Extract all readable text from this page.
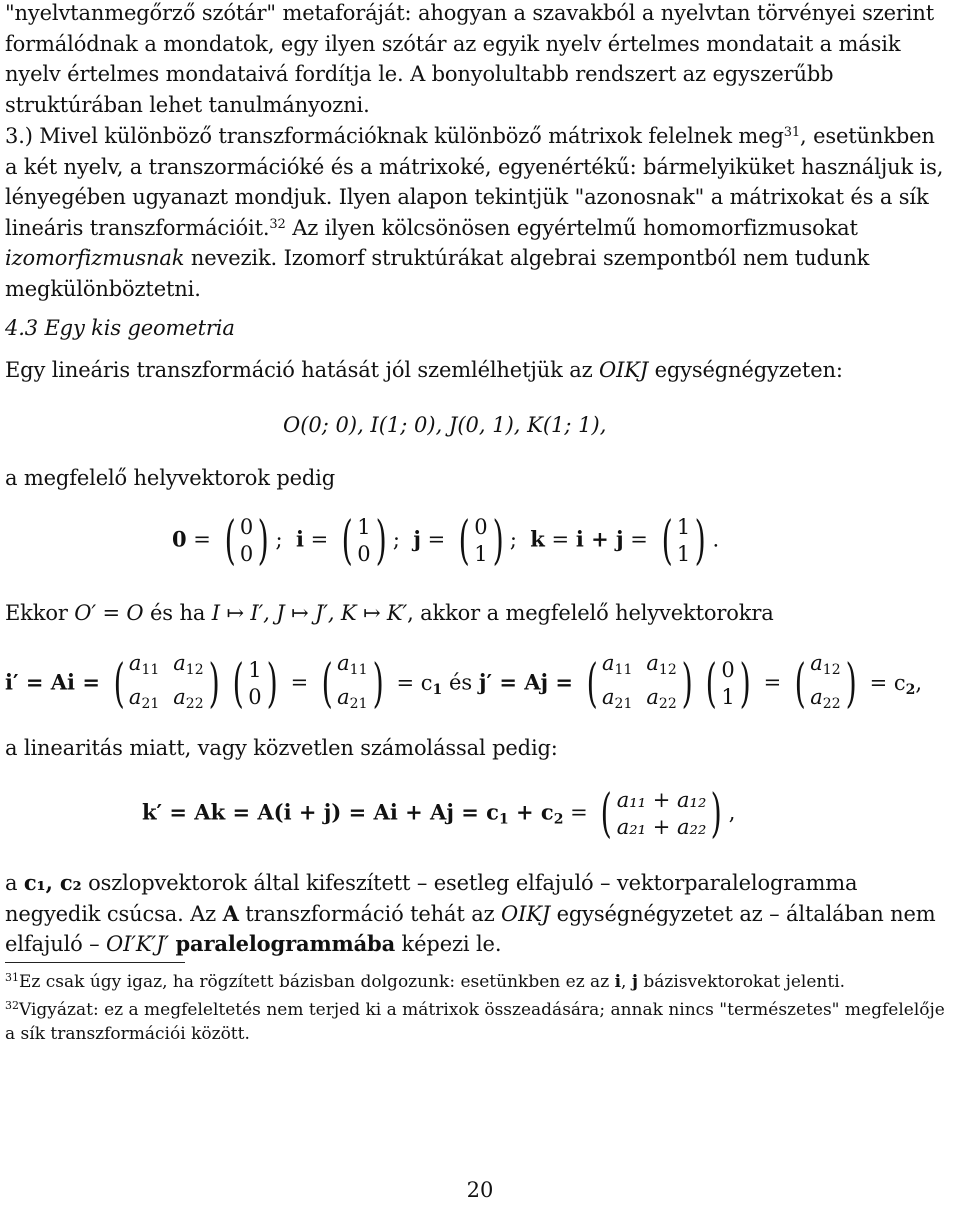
"nyelvtanmegőrző szótár" metaforáját: ahogyan a szavakból a nyelvtan törvényei szerint formálódnak a mondatok, egy ilyen szótár az egyik nyelv értelmes mondatait a másik nyelv értelmes mondataivá fordítja le. A bonyolultabb rendszert az egyszerűbb struktúrában lehet tanulmányozni.

3.) Mivel különböző transzformációknak különböző mátrixok felelnek meg$^{31}$, esetünkben a két nyelv, a transzormációké és a mátrixoké, egyenértékű: bármelyiküket használjuk is, lényegében ugyanazt mondjuk. Ilyen alapon tekintjük "azonosnak" a mátrixokat és a sík lineáris transzformációit.$^{32}$ Az ilyen kölcsönösen egyértelmű homomorfizmusokat izomorfizmusnak nevezik. Izomorf struktúrákat algebrai szempontból nem tudunk megkülönböztetni.

4.3 Egy kis geometria

Egy lineáris transzformáció hatását jól szemlélhetjük az OIKJ egységnégyzeten:

O(0; 0), I(1; 0), J(0, 1), K(1; 1),

a megfelelő helyvektorok pedig

0 = ( 0
0 ) ;  i = ( 1
0 ) ;  j = ( 0
1 ) ;  k = i + j = ( 1
1 ) .

Ekkor O′ = O és ha I ↦ I′, J ↦ J′, K ↦ K′, akkor a megfelelő helyvektorokra

i′ = Ai = ( $a_{11}$ $a_{12}$
$a_{21}$ $a_{22}$ ) ( 1
0 ) = ( $a_{11}$
$a_{21}$ ) = $c_1$ és j′ = Aj = ( $a_{11}$ $a_{12}$
$a_{21}$ $a_{22}$ ) ( 0
1 ) = ( $a_{12}$
$a_{22}$ ) = $c_2$,

a linearitás miatt, vagy közvetlen számolással pedig:

$k' = Ak = A(i + j) = Ai + Aj = c_1 + c_2$ = ( a₁₁ + a₁₂
a₂₁ + a₂₂ ) ,

a c₁, c₂ oszlopvektorok által kifeszített – esetleg elfajuló – vektorparalelogramma negyedik csúcsa. Az A transzformáció tehát az OIKJ egységnégyzetet az – általában nem elfajuló – OI′K′J′ paralelogrammába képezi le.

$^{31}$Ez csak úgy igaz, ha rögzített bázisban dolgozunk: esetünkben ez az i, j bázisvektorokat jelenti.
$^{32}$Vigyázat: ez a megfeleltetés nem terjed ki a mátrixok összeadására; annak nincs "természetes" megfelelője a sík transzformációi között.
20
